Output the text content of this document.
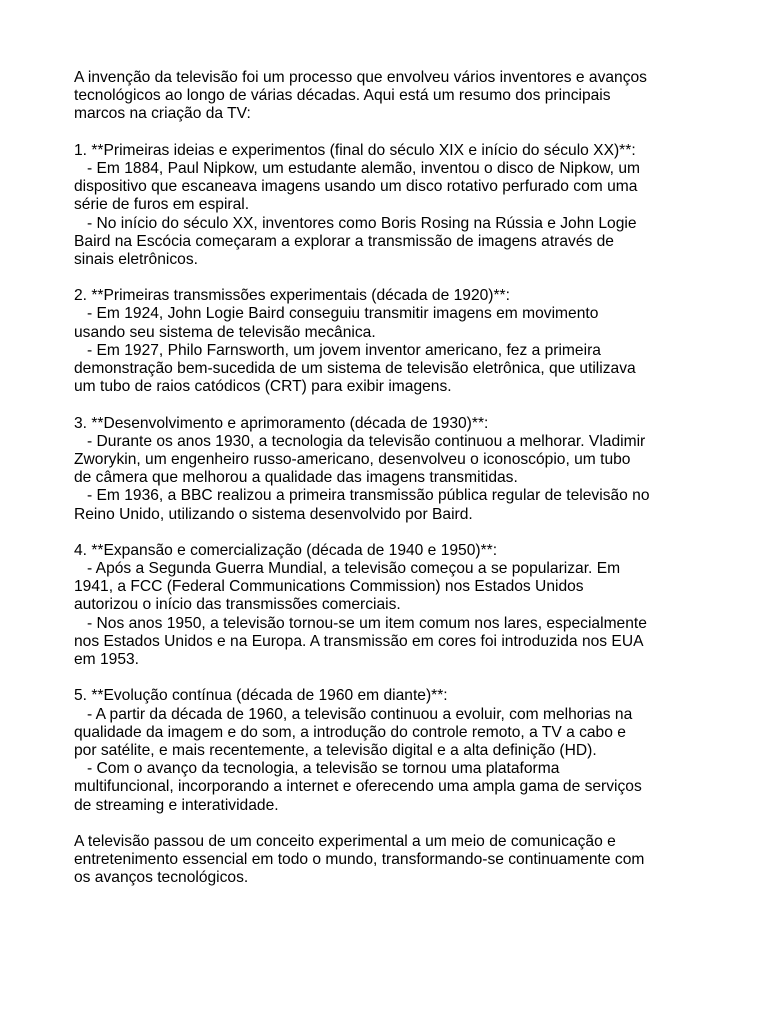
A invenção da televisão foi um processo que envolveu vários inventores e avanços
tecnológicos ao longo de várias décadas. Aqui está um resumo dos principais
marcos na criação da TV:
1. **Primeiras ideias e experimentos (final do século XIX e início do século XX)**:
- Em 1884, Paul Nipkow, um estudante alemão, inventou o disco de Nipkow, um
dispositivo que escaneava imagens usando um disco rotativo perfurado com uma
série de furos em espiral.
- No início do século XX, inventores como Boris Rosing na Rússia e John Logie
Baird na Escócia começaram a explorar a transmissão de imagens através de
sinais eletrônicos.
2. **Primeiras transmissões experimentais (década de 1920)**:
- Em 1924, John Logie Baird conseguiu transmitir imagens em movimento
usando seu sistema de televisão mecânica.
- Em 1927, Philo Farnsworth, um jovem inventor americano, fez a primeira
demonstração bem-sucedida de um sistema de televisão eletrônica, que utilizava
um tubo de raios catódicos (CRT) para exibir imagens.
3. **Desenvolvimento e aprimoramento (década de 1930)**:
- Durante os anos 1930, a tecnologia da televisão continuou a melhorar. Vladimir
Zworykin, um engenheiro russo-americano, desenvolveu o iconoscópio, um tubo
de câmera que melhorou a qualidade das imagens transmitidas.
- Em 1936, a BBC realizou a primeira transmissão pública regular de televisão no
Reino Unido, utilizando o sistema desenvolvido por Baird.
4. **Expansão e comercialização (década de 1940 e 1950)**:
- Após a Segunda Guerra Mundial, a televisão começou a se popularizar. Em
1941, a FCC (Federal Communications Commission) nos Estados Unidos
autorizou o início das transmissões comerciais.
- Nos anos 1950, a televisão tornou-se um item comum nos lares, especialmente
nos Estados Unidos e na Europa. A transmissão em cores foi introduzida nos EUA
em 1953.
5. **Evolução contínua (década de 1960 em diante)**:
- A partir da década de 1960, a televisão continuou a evoluir, com melhorias na
qualidade da imagem e do som, a introdução do controle remoto, a TV a cabo e
por satélite, e mais recentemente, a televisão digital e a alta definição (HD).
- Com o avanço da tecnologia, a televisão se tornou uma plataforma
multifuncional, incorporando a internet e oferecendo uma ampla gama de serviços
de streaming e interatividade.
A televisão passou de um conceito experimental a um meio de comunicação e
entretenimento essencial em todo o mundo, transformando-se continuamente com
os avanços tecnológicos.
